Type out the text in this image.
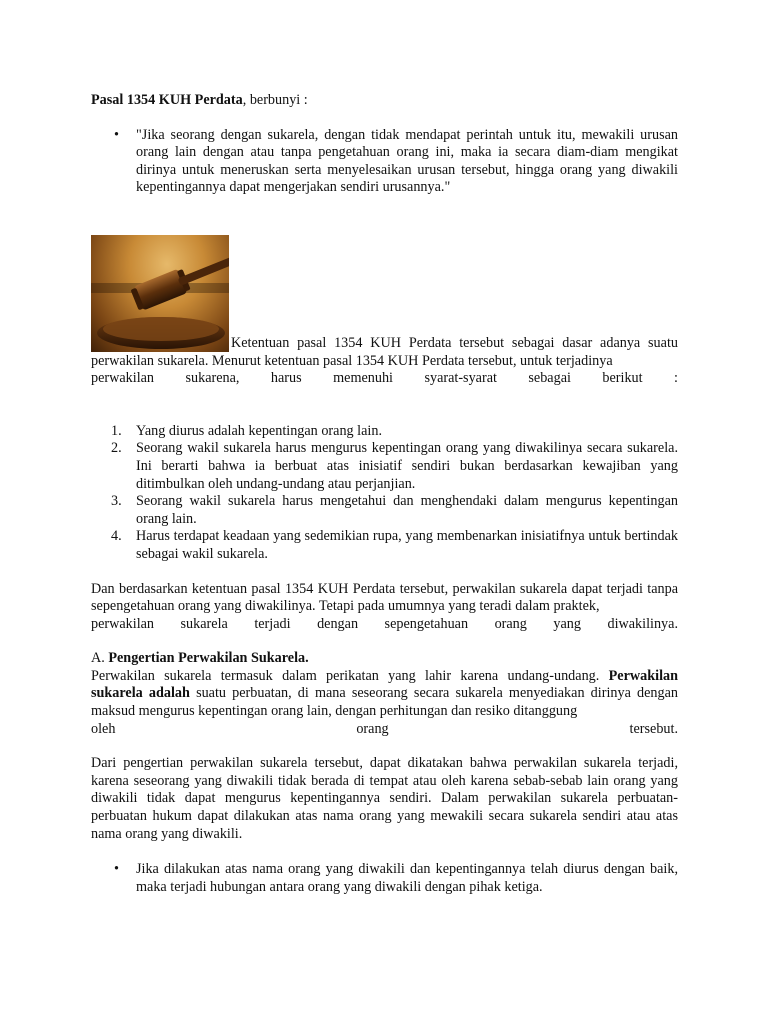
Pasal 1354 KUH Perdata, berbunyi :

• "Jika seorang dengan sukarela, dengan tidak mendapat perintah untuk itu, mewakili urusan orang lain dengan atau tanpa pengetahuan orang ini, maka ia secara diam-diam mengikat dirinya untuk meneruskan serta menyelesaikan urusan tersebut, hingga orang yang diwakili kepentingannya dapat mengerjakan sendiri urusannya."

Ketentuan pasal 1354 KUH Perdata tersebut sebagai dasar adanya suatu perwakilan sukarela. Menurut ketentuan pasal 1354 KUH Perdata tersebut, untuk terjadinya

perwakilan sukarena, harus memenuhi syarat-syarat sebagai berikut :

1. Yang diurus adalah kepentingan orang lain.
2. Seorang wakil sukarela harus mengurus kepentingan orang yang diwakilinya secara sukarela. Ini berarti bahwa ia berbuat atas inisiatif sendiri bukan berdasarkan kewajiban yang ditimbulkan oleh undang-undang atau perjanjian.
3. Seorang wakil sukarela harus mengetahui dan menghendaki dalam mengurus kepentingan orang lain.
4. Harus terdapat keadaan yang sedemikian rupa, yang membenarkan inisiatifnya untuk bertindak sebagai wakil sukarela.

Dan berdasarkan ketentuan pasal 1354 KUH Perdata tersebut, perwakilan sukarela dapat terjadi tanpa sepengetahuan orang yang diwakilinya. Tetapi pada umumnya yang teradi dalam praktek,

perwakilan sukarela terjadi dengan sepengetahuan orang yang diwakilinya.

A. Pengertian Perwakilan Sukarela.

Perwakilan sukarela termasuk dalam perikatan yang lahir karena undang-undang. Perwakilan sukarela adalah suatu perbuatan, di mana seseorang secara sukarela menyediakan dirinya dengan maksud mengurus kepentingan orang lain, dengan perhitungan dan resiko ditanggung

oleh orang tersebut.

Dari pengertian perwakilan sukarela tersebut, dapat dikatakan bahwa perwakilan sukarela terjadi, karena seseorang yang diwakili tidak berada di tempat atau oleh karena sebab-sebab lain orang yang diwakili tidak dapat mengurus kepentingannya sendiri. Dalam perwakilan sukarela perbuatan-perbuatan hukum dapat dilakukan atas nama orang yang mewakili secara sukarela sendiri atau atas nama orang yang diwakili.

• Jika dilakukan atas nama orang yang diwakili dan kepentingannya telah diurus dengan baik, maka terjadi hubungan antara orang yang diwakili dengan pihak ketiga.
